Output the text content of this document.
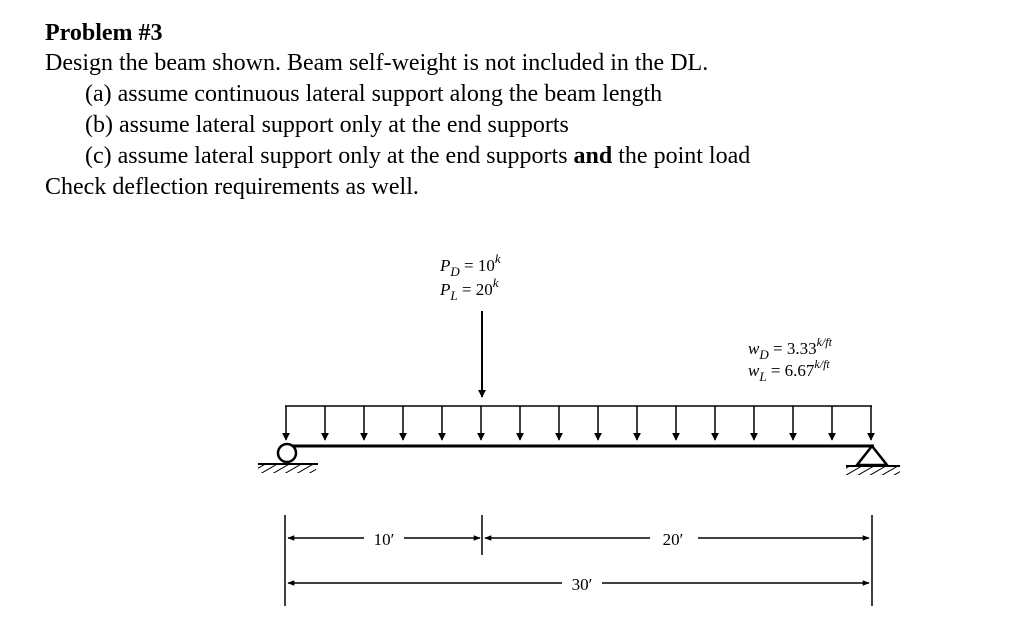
Problem #3

Design the beam shown. Beam self-weight is not included in the DL.

(a) assume continuous lateral support along the beam length

(b) assume lateral support only at the end supports

(c) assume lateral support only at the end supports and the point load

Check deflection requirements as well.

$P_D = 10^k$
$P_L = 20^k$
$w_D = 3.33^{k/ft}$
$w_L = 6.67^{k/ft}$
10′	20′
30′
